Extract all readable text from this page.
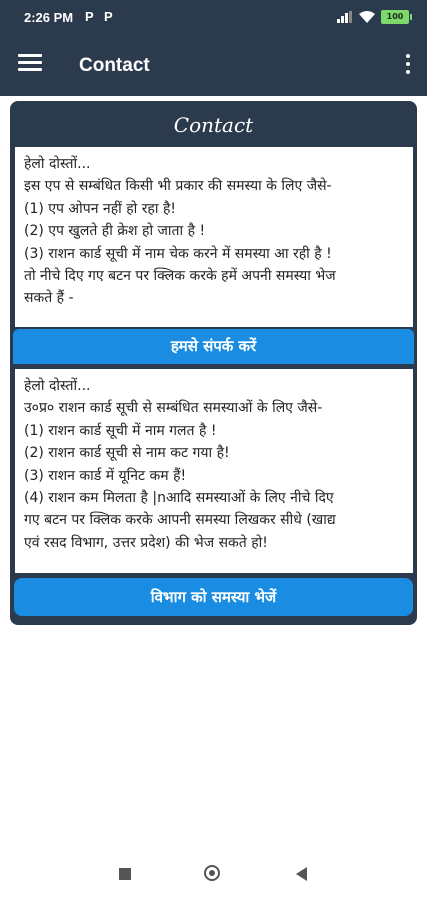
2:26 PM P P	100
Contact
Contact

हेलो दोस्तों...

इस एप से सम्बंधित किसी भी प्रकार की समस्या के लिए जैसे-

(1) एप ओपन नहीं हो रहा है!

(2) एप खुलते ही क्रेश हो जाता है !

(3) राशन कार्ड सूची में नाम चेक करने में समस्या आ रही है !

तो नीचे दिए गए बटन पर क्लिक करके हमें अपनी समस्या भेज

सकते हैं -

हमसे संपर्क करें

हेलो दोस्तों...

उ०प्र० राशन कार्ड सूची से सम्बंधित समस्याओं के लिए जैसे-

(1) राशन कार्ड सूची में नाम गलत है !

(2) राशन कार्ड सूची से नाम कट गया है!

(3) राशन कार्ड में यूनिट कम हैं!

(4) राशन कम मिलता है |nआदि समस्याओं के लिए नीचे दिए

गए बटन पर क्लिक करके आपनी समस्या लिखकर सीधे (खाद्य

एवं रसद विभाग, उत्तर प्रदेश) की भेज सकते हो!

विभाग को समस्या भेजें
